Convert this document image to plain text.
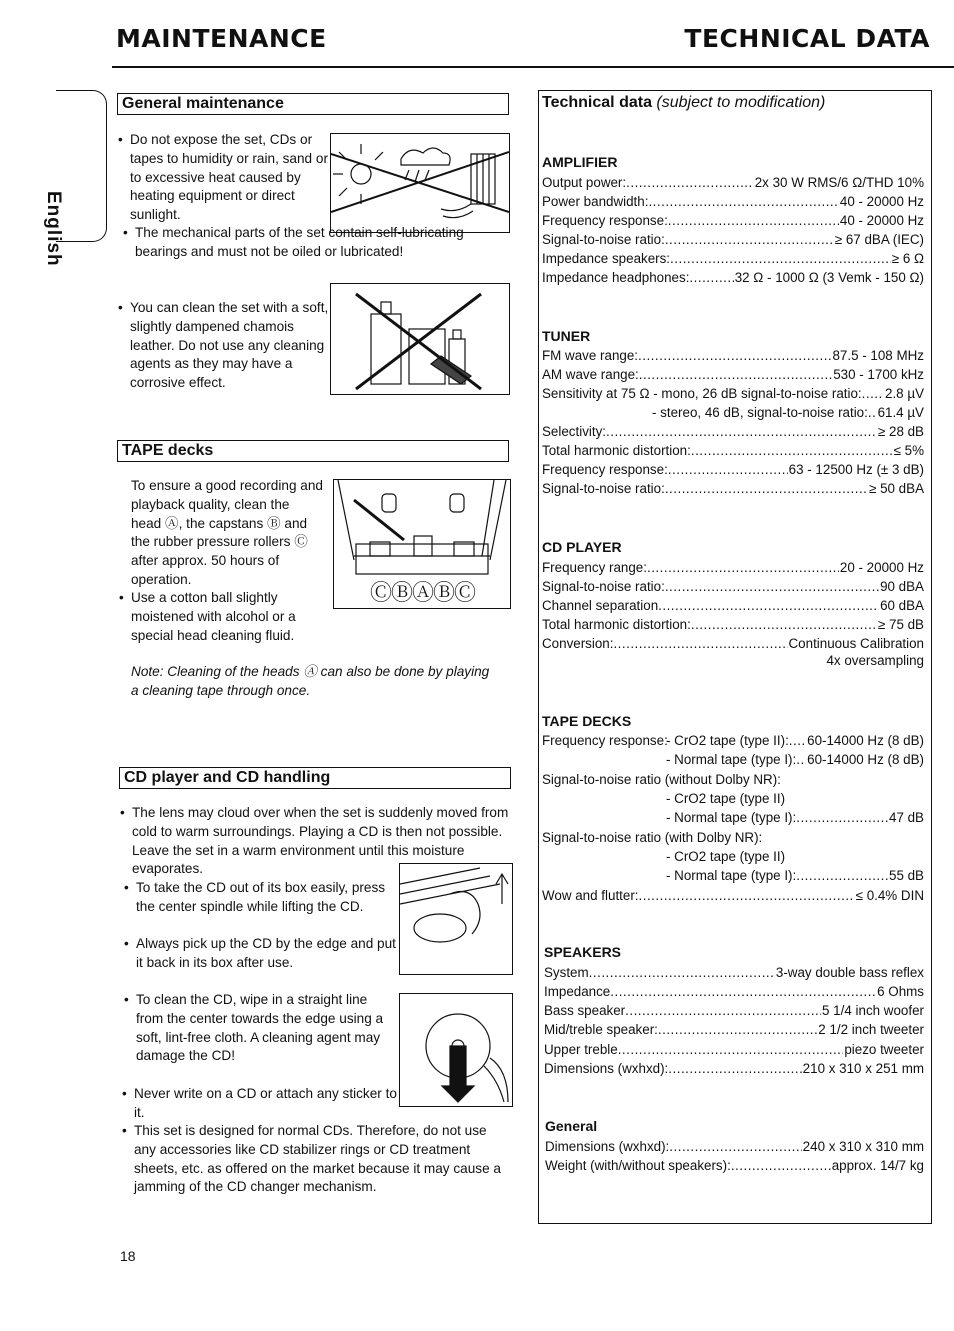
MAINTENANCE	TECHNICAL DATA
English
General maintenance
• Do not expose the set, CDs or tapes to humidity or rain, sand or to excessive heat caused by heating equipment or direct sunlight.
• The mechanical parts of the set contain self-lubricating bearings and must not be oiled or lubricated!
• You can clean the set with a soft, slightly dampened chamois leather. Do not use any cleaning agents as they may have a corrosive effect.
TAPE decks
To ensure a good recording and playback quality, clean the head Ⓐ, the capstans Ⓑ and the rubber pressure rollers Ⓒ after approx. 50 hours of operation.
ⒸⒷⒶⒷⒸ
• Use a cotton ball slightly moistened with alcohol or a special head cleaning fluid.
Note: Cleaning of the heads Ⓐ can also be done by playing a cleaning tape through once.
CD player and CD handling
• The lens may cloud over when the set is suddenly moved from cold to warm surroundings. Playing a CD is then not possible. Leave the set in a warm environment until this moisture evaporates.
• To take the CD out of its box easily, press the center spindle while lifting the CD.
• Always pick up the CD by the edge and put it back in its box after use.
• To clean the CD, wipe in a straight line from the center towards the edge using a soft, lint-free cloth. A cleaning agent may damage the CD!
• Never write on a CD or attach any sticker to it.
• This set is designed for normal CDs. Therefore, do not use any accessories like CD stabilizer rings or CD treatment sheets, etc. as offered on the market because it may cause a jamming of the CD changer mechanism.
Technical data (subject to modification)
AMPLIFIER
Output power: .....	2x 30 W RMS/6 Ω/THD 10%
Power bandwidth: .....	40 - 20000 Hz
Frequency response: .....	40 - 20000 Hz
Signal-to-noise ratio: .....	≥ 67 dBA (IEC)
Impedance speakers: .....	≥ 6 Ω
Impedance headphones: .....	32 Ω - 1000 Ω (3 Vemk - 150 Ω)
TUNER
FM wave range: .....	87.5 - 108 MHz
AM wave range: .....	530 - 1700 kHz
Sensitivity at 75 Ω - mono, 26 dB signal-to-noise ratio: .....	2.8 µV
- stereo, 46 dB, signal-to-noise ratio: ..... 61.4 µV
Selectivity: .....	≥ 28 dB
Total harmonic distortion: .....	≤ 5%
Frequency response: .....	63 - 12500 Hz (± 3 dB)
Signal-to-noise ratio: .....	≥ 50 dBA
CD PLAYER
Frequency range: .....	20 - 20000 Hz
Signal-to-noise ratio: .....	90 dBA
Channel separation .....	60 dBA
Total harmonic distortion: .....	≥ 75 dB
Conversion: .....	Continuous Calibration
4x oversampling
TAPE DECKS
Frequency response:
- CrO2 tape (type II): .....	60-14000 Hz (8 dB)
- Normal tape (type I): ..... 60-14000 Hz (8 dB)
Signal-to-noise ratio (without Dolby NR):
- CrO2 tape (type II)
- Normal tape (type I): .....	47 dB
Signal-to-noise ratio (with Dolby NR):
- CrO2 tape (type II)
- Normal tape (type I): .....	55 dB
Wow and flutter: .....	≤ 0.4% DIN
SPEAKERS
System .....	3-way double bass reflex
Impedance .....	6 Ohms
Bass speaker .....	5 1/4 inch woofer
Mid/treble speaker: .....	2 1/2 inch tweeter
Upper treble .....	piezo tweeter
Dimensions (wxhxd): .....	210 x 310 x 251 mm
General
Dimensions (wxhxd): .....	240 x 310 x 310 mm
Weight (with/without speakers): .....	approx. 14/7 kg
18
